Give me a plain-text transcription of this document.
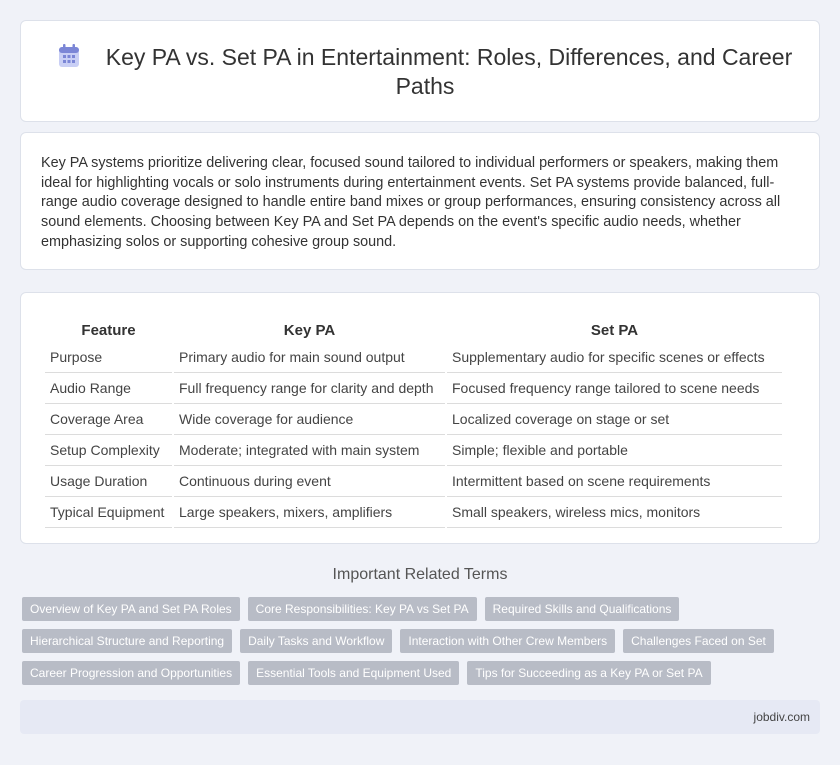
Key PA vs. Set PA in Entertainment: Roles, Differences, and Career Paths

Key PA systems prioritize delivering clear, focused sound tailored to individual performers or speakers, making them ideal for highlighting vocals or solo instruments during entertainment events. Set PA systems provide balanced, full-range audio coverage designed to handle entire band mixes or group performances, ensuring consistency across all sound elements. Choosing between Key PA and Set PA depends on the event's specific audio needs, whether emphasizing solos or supporting cohesive group sound.

Feature	Key PA	Set PA
Purpose	Primary audio for main sound output	Supplementary audio for specific scenes or effects
Audio Range	Full frequency range for clarity and depth	Focused frequency range tailored to scene needs
Coverage Area	Wide coverage for audience	Localized coverage on stage or set
Setup Complexity	Moderate; integrated with main system	Simple; flexible and portable
Usage Duration	Continuous during event	Intermittent based on scene requirements
Typical Equipment	Large speakers, mixers, amplifiers	Small speakers, wireless mics, monitors
Important Related Terms
Overview of Key PA and Set PA Roles	Core Responsibilities: Key PA vs Set PA	Required Skills and Qualifications
Hierarchical Structure and Reporting	Daily Tasks and Workflow	Interaction with Other Crew Members	Challenges Faced on Set
Career Progression and Opportunities	Essential Tools and Equipment Used	Tips for Succeeding as a Key PA or Set PA
jobdiv.com
